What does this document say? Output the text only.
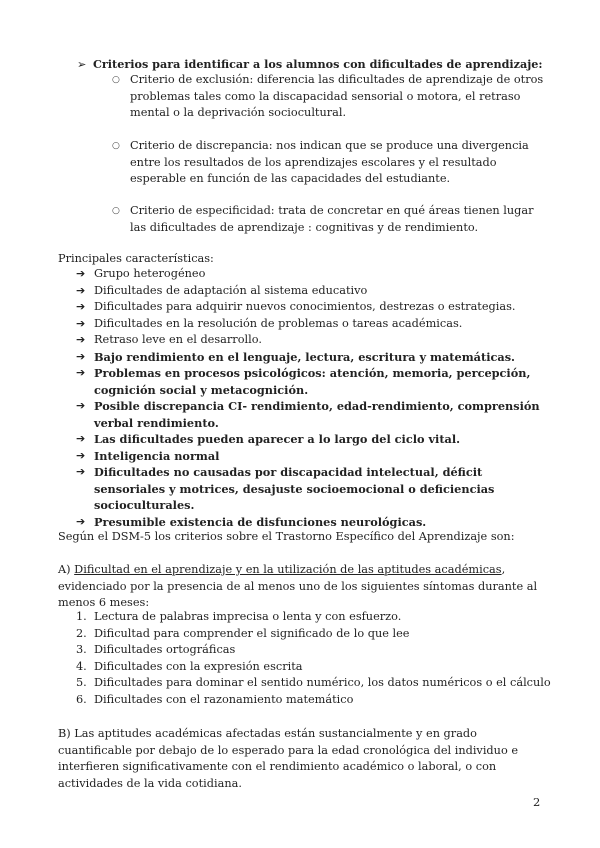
➢ Criterios para identificar a los alumnos con dificultades de aprendizaje:
○ Criterio de exclusión: diferencia las dificultades de aprendizaje de otros problemas tales como la discapacidad sensorial o motora, el retraso mental o la deprivación sociocultural.

○ Criterio de discrepancia: nos indican que se produce una divergencia entre los resultados de los aprendizajes escolares y el resultado esperable en función de las capacidades del estudiante.

○ Criterio de especificidad: trata de concretar en qué áreas tienen lugar las dificultades de aprendizaje : cognitivas y de rendimiento.

Principales características:
➔ Grupo heterogéneo
➔ Dificultades de adaptación al sistema educativo
➔ Dificultades para adquirir nuevos conocimientos, destrezas o estrategias.
➔ Dificultades en la resolución de problemas o tareas académicas.
➔ Retraso leve en el desarrollo.
➔ Bajo rendimiento en el lenguaje, lectura, escritura y matemáticas.
➔ Problemas en procesos psicológicos: atención, memoria, percepción, cognición social y metacognición.
➔ Posible discrepancia CI- rendimiento, edad-rendimiento, comprensión verbal rendimiento.
➔ Las dificultades pueden aparecer a lo largo del ciclo vital.
➔ Inteligencia normal
➔ Dificultades no causadas por discapacidad intelectual, déficit sensoriales y motrices, desajuste socioemocional o deficiencias socioculturales.
➔ Presumible existencia de disfunciones neurológicas.
Según el DSM-5 los criterios sobre el Trastorno Específico del Aprendizaje son:
A) Dificultad en el aprendizaje y en la utilización de las aptitudes académicas, evidenciado por la presencia de al menos uno de los siguientes síntomas durante al menos 6 meses:
1. Lectura de palabras imprecisa o lenta y con esfuerzo.
2. Dificultad para comprender el significado de lo que lee
3. Dificultades ortográficas
4. Dificultades con la expresión escrita
5. Dificultades para dominar el sentido numérico, los datos numéricos o el cálculo
6. Dificultades con el razonamiento matemático
B) Las aptitudes académicas afectadas están sustancialmente y en grado cuantificable por debajo de lo esperado para la edad cronológica del individuo e interfieren significativamente con el rendimiento académico o laboral, o con actividades de la vida cotidiana.
2
